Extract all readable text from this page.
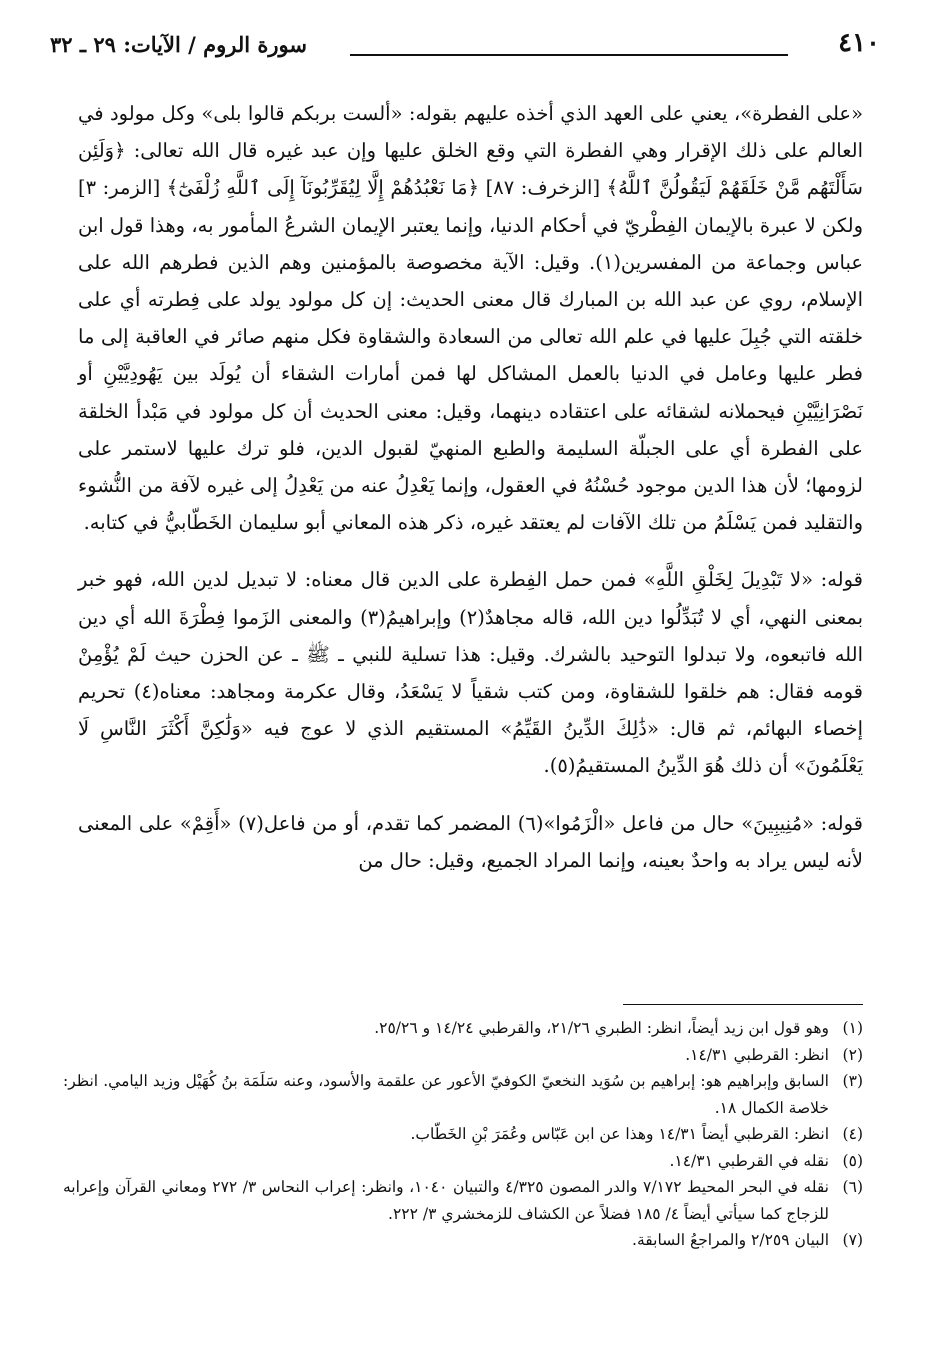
٤١٠
سورة الروم / الآيات: ٢٩ ـ ٣٢

«على الفطرة»، يعني على العهد الذي أخذه عليهم بقوله: «ألست بربكم قالوا بلى» وكل مولود في العالم على ذلك الإقرار وهي الفطرة التي وقع الخلق عليها وإن عبد غيره قال الله تعالى: ﴿وَلَئِن سَأَلْتَهُم مَّنْ خَلَقَهُمْ لَيَقُولُنَّ ٱللَّهُ﴾ [الزخرف: ٨٧] ﴿مَا نَعْبُدُهُمْ إِلَّا لِيُقَرِّبُونَآ إِلَى ٱللَّهِ زُلْفَىٰٓ﴾ [الزمر: ٣] ولكن لا عبرة بالإيمان الفِطْريّ في أحكام الدنيا، وإنما يعتبر الإيمان الشرعُ المأمور به، وهذا قول ابن عباس وجماعة من المفسرين(١). وقيل: الآية مخصوصة بالمؤمنين وهم الذين فطرهم الله على الإسلام، روي عن عبد الله بن المبارك قال معنى الحديث: إن كل مولود يولد على فِطرته أي على خلقته التي جُبِلَ عليها في علم الله تعالى من السعادة والشقاوة فكل منهم صائر في العاقبة إلى ما فطر عليها وعامل في الدنيا بالعمل المشاكل لها فمن أمارات الشقاء أن يُولَد بين يَهُودِيَّيْنِ أو نَصْرَانِيَّيْنِ فيحملانه لشقائه على اعتقاده دينهما، وقيل: معنى الحديث أن كل مولود في مَبْدأ الخلقة على الفطرة أي على الجبلّة السليمة والطبع المنهيّ لقبول الدين، فلو ترك عليها لاستمر على لزومها؛ لأن هذا الدين موجود حُسْنُهُ في العقول، وإنما يَعْدِلُ عنه من يَعْدِلُ إلى غيره لآفة من النُّشوء والتقليد فمن يَسْلَمُ من تلك الآفات لم يعتقد غيره، ذكر هذه المعاني أبو سليمان الخَطّابيُّ في كتابه.

قوله: «لا تَبْدِيلَ لِخَلْقِ اللَّهِ» فمن حمل الفِطرة على الدين قال معناه: لا تبديل لدين الله، فهو خبر بمعنى النهي، أي لا تُبَدِّلُوا دين الله، قاله مجاهدٌ(٢) وإبراهيمُ(٣) والمعنى الزَموا فِطْرَةَ الله أي دين الله فاتبعوه، ولا تبدلوا التوحيد بالشرك. وقيل: هذا تسلية للنبي ـ ﷺ ـ عن الحزن حيث لَمْ يُؤْمِنْ قومه فقال: هم خلقوا للشقاوة، ومن كتب شقياً لا يَسْعَدُ، وقال عكرمة ومجاهد: معناه(٤) تحريم إخصاء البهائم، ثم قال: «ذَٰلِكَ الدِّينُ القَيِّمُ» المستقيم الذي لا عوج فيه «وَلَٰكِنَّ أَكْثَرَ النَّاسِ لَا يَعْلَمُونَ» أن ذلك هُوَ الدِّينُ المستقيمُ(٥).

قوله: «مُنِيبِينَ» حال من فاعل «الْزَمُوا»(٦) المضمر كما تقدم، أو من فاعل(٧) «أَقِمْ» على المعنى لأنه ليس يراد به واحدٌ بعينه، وإنما المراد الجميع، وقيل: حال من

(١)
وهو قول ابن زيد أيضاً، انظر: الطبري ٢١/٢٦، والقرطبي ١٤/٢٤ و ٢٥/٢٦.
(٢)
انظر: القرطبي ١٤/٣١.
(٣)
السابق وإبراهيم هو: إبراهيم بن سُوَيد النخعيّ الكوفيّ الأعور عن علقمة والأسود، وعنه سَلَمَة بنُ كُهَيْل وزيد اليامي. انظر: خلاصة الكمال ١٨.
(٤)
انظر: القرطبي أيضاً ١٤/٣١ وهذا عن ابن عَبّاس وعُمَرَ بْنِ الخَطّاب.
(٥)
نقله في القرطبي ١٤/٣١.
(٦)
نقله في البحر المحيط ٧/١٧٢ والدر المصون ٤/٣٢٥ والتبيان ١٠٤٠، وانظر: إعراب النحاس ٣/ ٢٧٢ ومعاني القرآن وإعرابه للزجاج كما سيأتي أيضاً ٤/ ١٨٥ فضلاً عن الكشاف للزمخشري ٣/ ٢٢٢.
(٧)
البيان ٢/٢٥٩ والمراجعُ السابقة.
